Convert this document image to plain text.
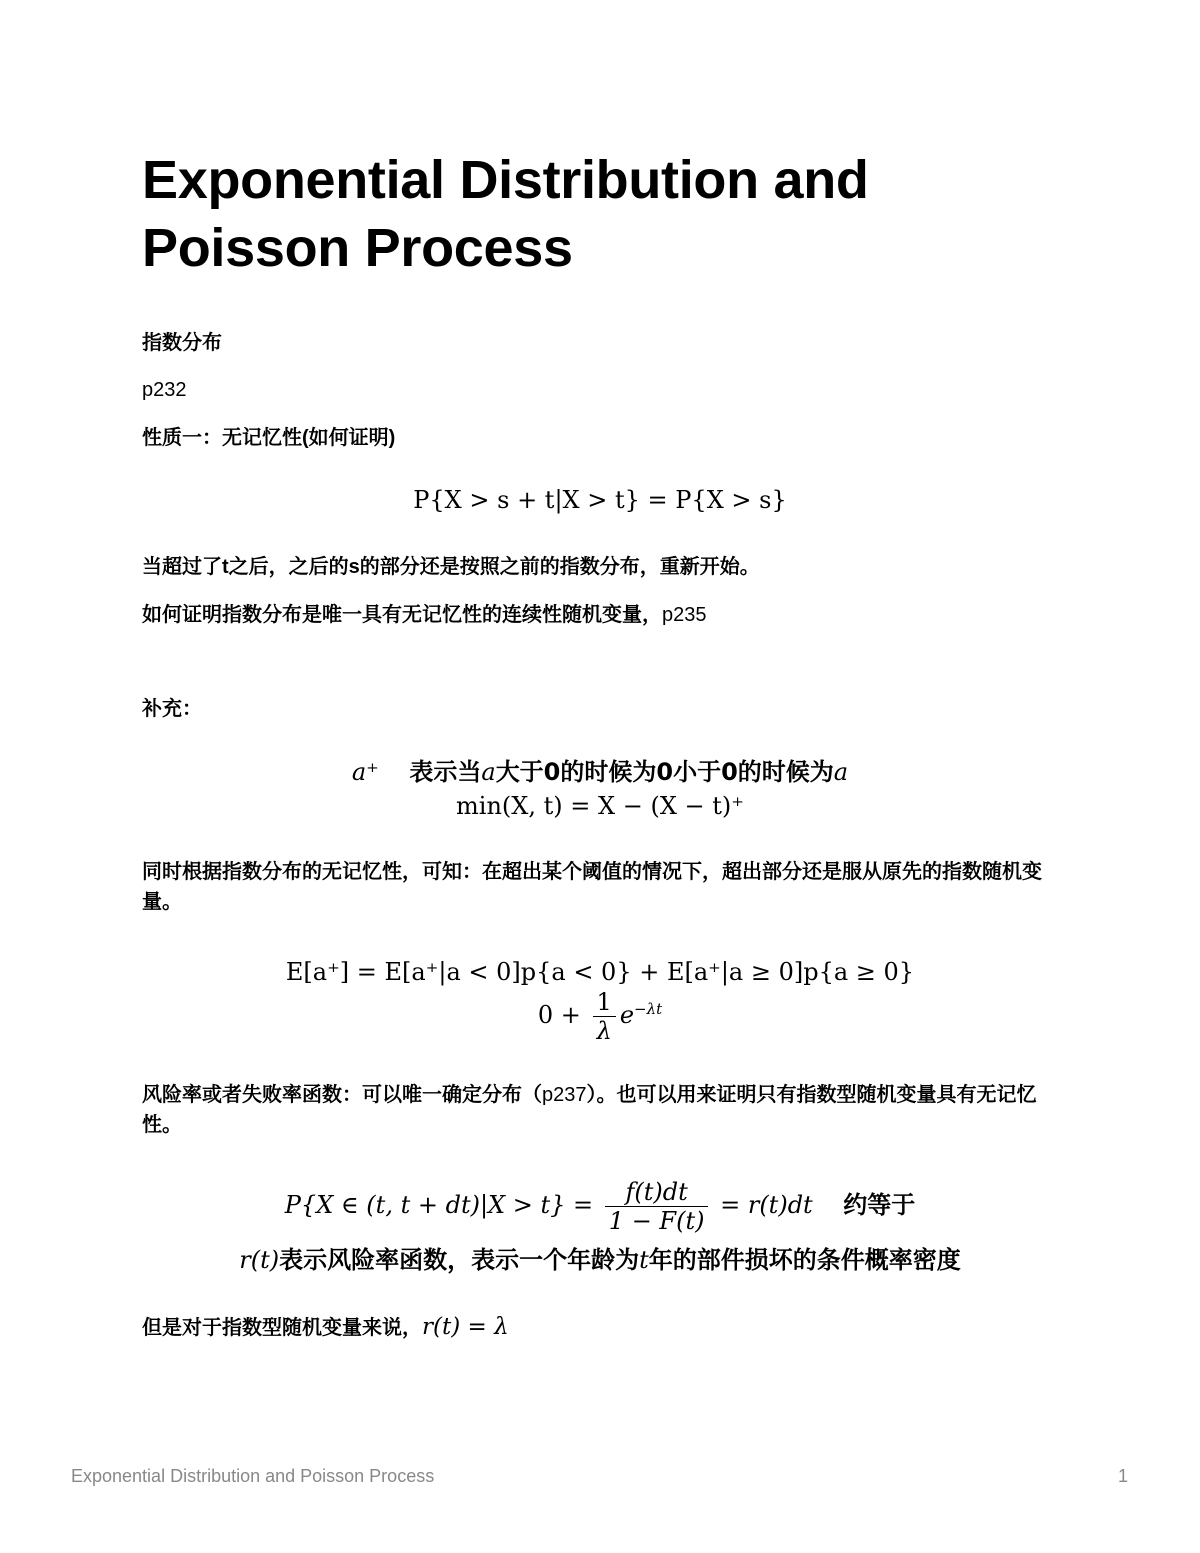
Exponential Distribution and Poisson Process

指数分布

p232

性质一：无记忆性(如何证明)

P{X > s + t|X > t} = P{X > s}

当超过了t之后，之后的s的部分还是按照之前的指数分布，重新开始。

如何证明指数分布是唯一具有无记忆性的连续性随机变量，p235

补充：

a⁺ 表示当a大于0的时候为0小于0的时候为a

min(X, t) = X − (X − t)⁺

同时根据指数分布的无记忆性，可知：在超出某个阈值的情况下，超出部分还是服从原先的指数随机变量。

E[a⁺] = E[a⁺|a < 0]p{a < 0} + E[a⁺|a ≥ 0]p{a ≥ 0}

$0 + \frac{1}{\lambda} e^{-\lambda t}$

风险率或者失败率函数：可以唯一确定分布（p237）。也可以用来证明只有指数型随机变量具有无记忆性。

P{X ∈ (t, $t + dt)|X > t\} = \frac{f(t)dt}{1 - F(t)} = r(t)dt$ 约等于

r(t)表示风险率函数，表示一个年龄为t年的部件损坏的条件概率密度

但是对于指数型随机变量来说，r(t) = λ

Exponential Distribution and Poisson Process	1
